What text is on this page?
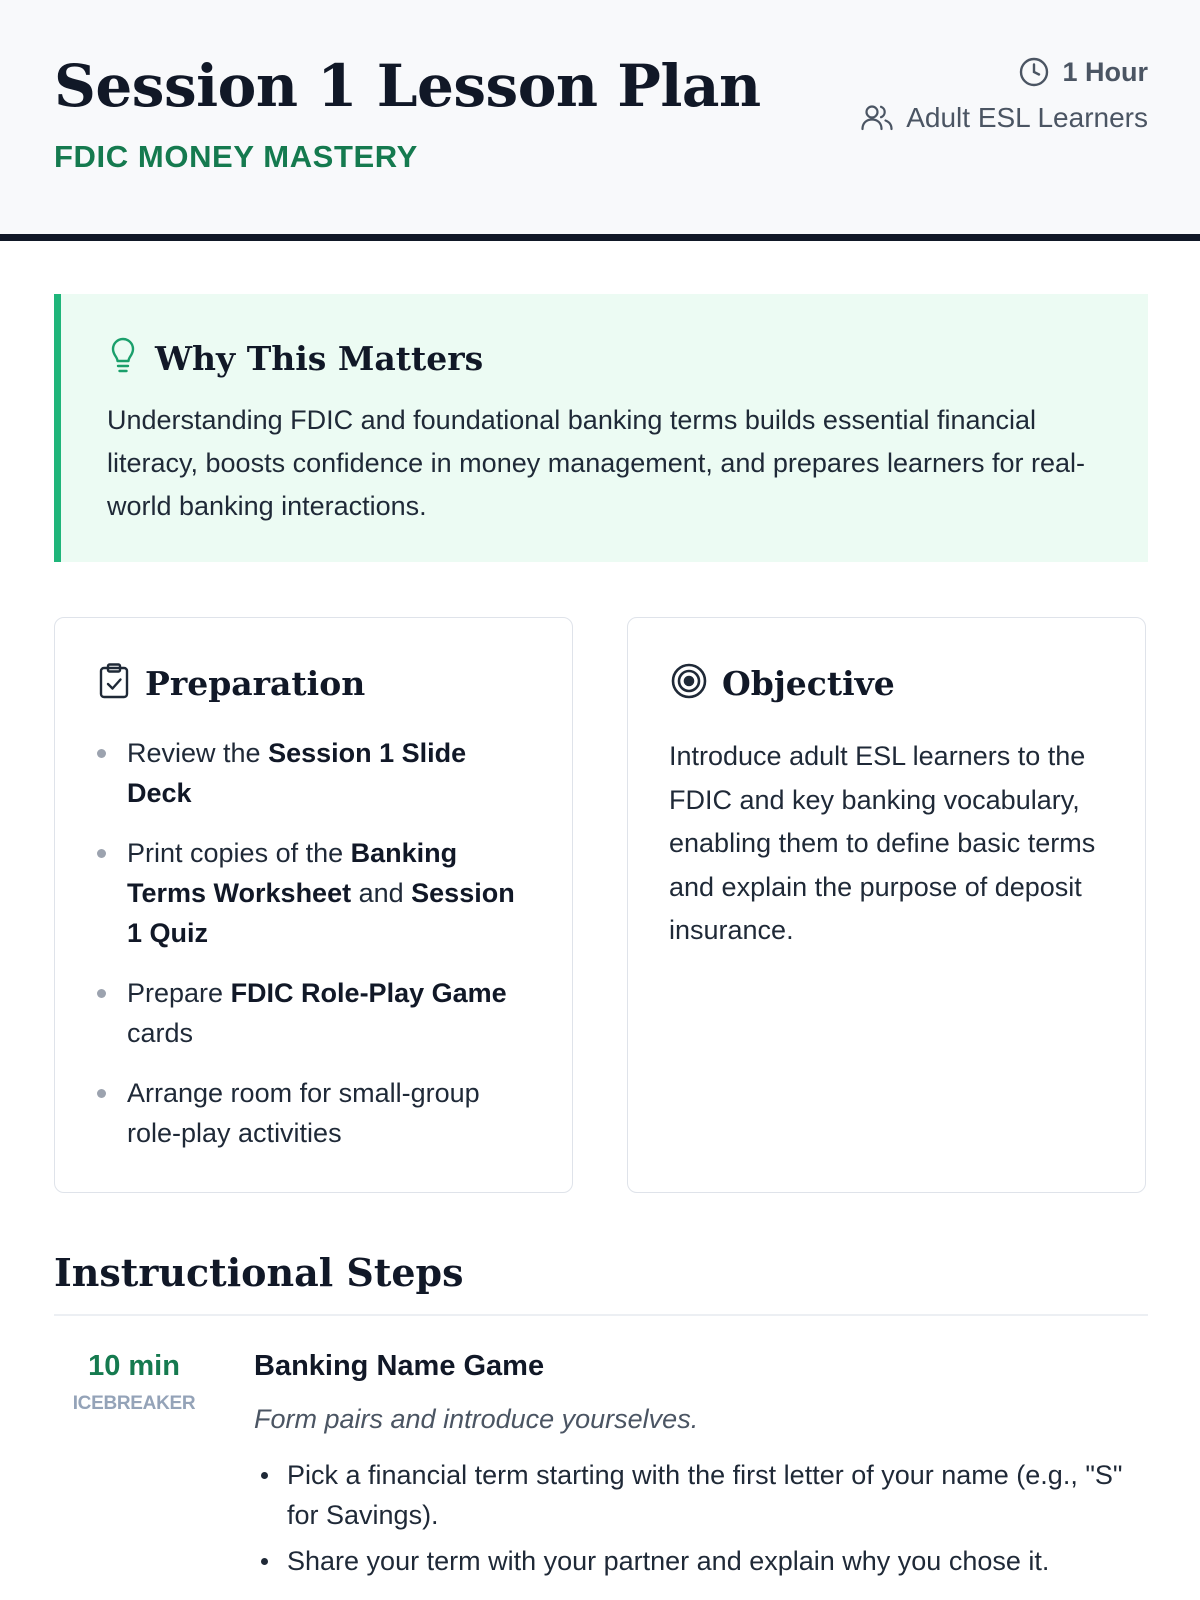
Session 1 Lesson Plan
FDIC MONEY MASTERY
1 Hour
Adult ESL Learners
Why This Matters

Understanding FDIC and foundational banking terms builds essential financial literacy, boosts confidence in money management, and prepares learners for real-world banking interactions.

Preparation
Review the Session 1 Slide Deck
Print copies of the Banking Terms Worksheet and Session 1 Quiz
Prepare FDIC Role-Play Game cards
Arrange room for small-group role-play activities
Objective

Introduce adult ESL learners to the FDIC and key banking vocabulary, enabling them to define basic terms and explain the purpose of deposit insurance.

Instructional Steps
10 min
ICEBREAKER
Banking Name Game

Form pairs and introduce yourselves.

Pick a financial term starting with the first letter of your name (e.g., "S" for Savings).
Share your term with your partner and explain why you chose it.
